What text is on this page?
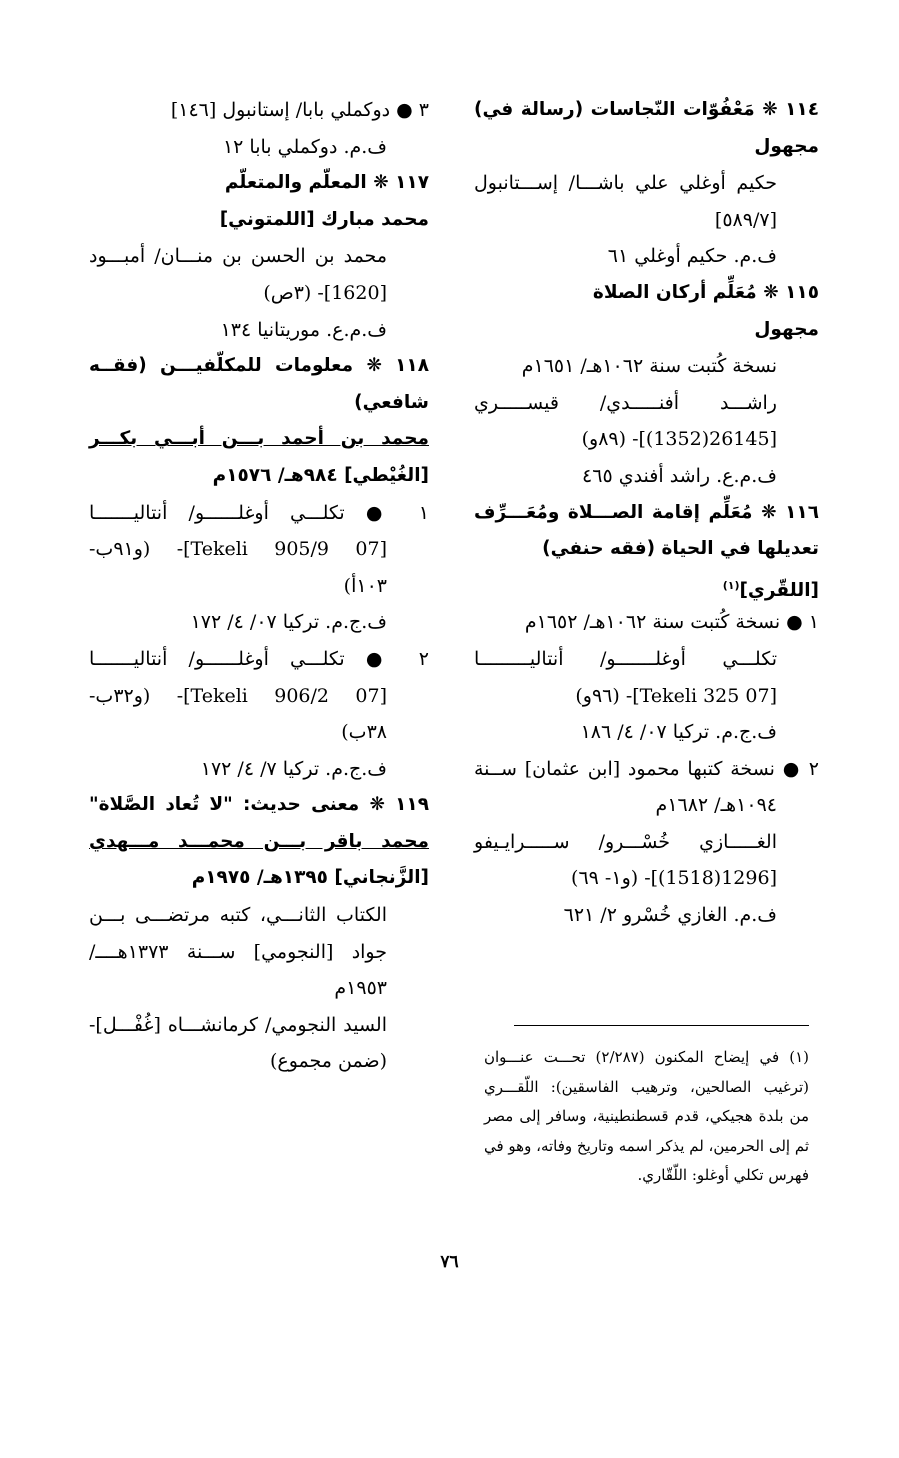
١١٤ ❋ مَعْفُوّات النّجاسات (رسالة في)
مجهول
حكيم أوغلي علي باشـــا/ إســـتانبول
[٥٨٩/٧]
ف.م. حكيم أوغلي ٦١
١١٥ ❋ مُعَلِّم أركان الصلاة
مجهول
نسخة كُتبت سنة ١٠٦٢هـ/ ١٦٥١م
راشـــد أفنـــــدي/ قيســـــري
[26145(1352)]- (٨٩و)
ف.م.ع. راشد أفندي ٤٦٥
١١٦ ❋ مُعَلِّم إقامة الصـــلاة ومُعَـــرِّف
تعديلها في الحياة (فقه حنفي)
[اللقّري]$^{(١)}$
١ ● نسخة كُتبت سنة ١٠٦٢هـ/ ١٦٥٢م
تكلـــي أوغلـــــــو/ أنتاليـــــــــا
[07 Tekeli 325]- (٩٦و)
ف.ج.م. تركيا ٠٧/ ٤/ ١٨٦
٢ ● نسخة كتبها محمود [ابن عثمان] ســنة
١٠٩٤هـ/ ١٦٨٢م
الغـــــازي خُسْـــرو/ ســـــرايـيفو
[1296(1518)]- (و١- ٦٩)
ف.م. الغازي خُسْرو ٢/ ٦٢١
٣ ● دوكملي بابا/ إستانبول [١٤٦]
ف.م. دوكملي بابا ١٢
١١٧ ❋ المعلّم والمتعلّم
محمد مبارك [اللمتوني]
محمد بن الحسن بن منـــان/ أمبـــود
[1620]- (٣ص)
ف.م.ع. موريتانيا ١٣٤
١١٨ ❋ معلومات للمكلّفيـــن (فقــه
شافعي)
محمد بن أحمد بـــن أبـــي بكـــر
[الغُيْطي] ٩٨٤هـ/ ١٥٧٦م
١ ● تكلـــي أوغلــــــو/ أنتاليـــــــا
[07 Tekeli 905/9]- (و٩١ب-
١٠٣أ)
ف.ج.م. تركيا ٠٧/ ٤/ ١٧٢
٢ ● تكلـــي أوغلــــــو/ أنتاليـــــــا
[07 Tekeli 906/2]- (و٣٢ب-
٣٨ب)
ف.ج.م. تركيا ٧/ ٤/ ١٧٢
١١٩ ❋ معنى حديث: "لا تُعاد الصَّلاة"
محمد باقر بـــن محمـــد مـــهدي
[الزَّنجاني] ١٣٩٥هـ/ ١٩٧٥م
الكتاب الثانـــي، كتبه مرتضـــى بـــن
جواد [النجومي] ســـنة ١٣٧٣هــــ/
١٩٥٣م
السيد النجومي/ كرمانشـــاه [غُفْـــل]-
(ضمن مجموع)	(١) في إيضاح المكنون (٢/٢٨٧) تحـــت عنـــوان
(ترغيب الصالحين، وترهيب الفاسقين): اللّقـــري
من بلدة هجيكي، قدم قسطنطينية، وسافر إلى مصر
ثم إلى الحرمين، لم يذكر اسمه وتاريخ وفاته، وهو في
فهرس تكلي أوغلو: اللّقّاري.
٧٦
